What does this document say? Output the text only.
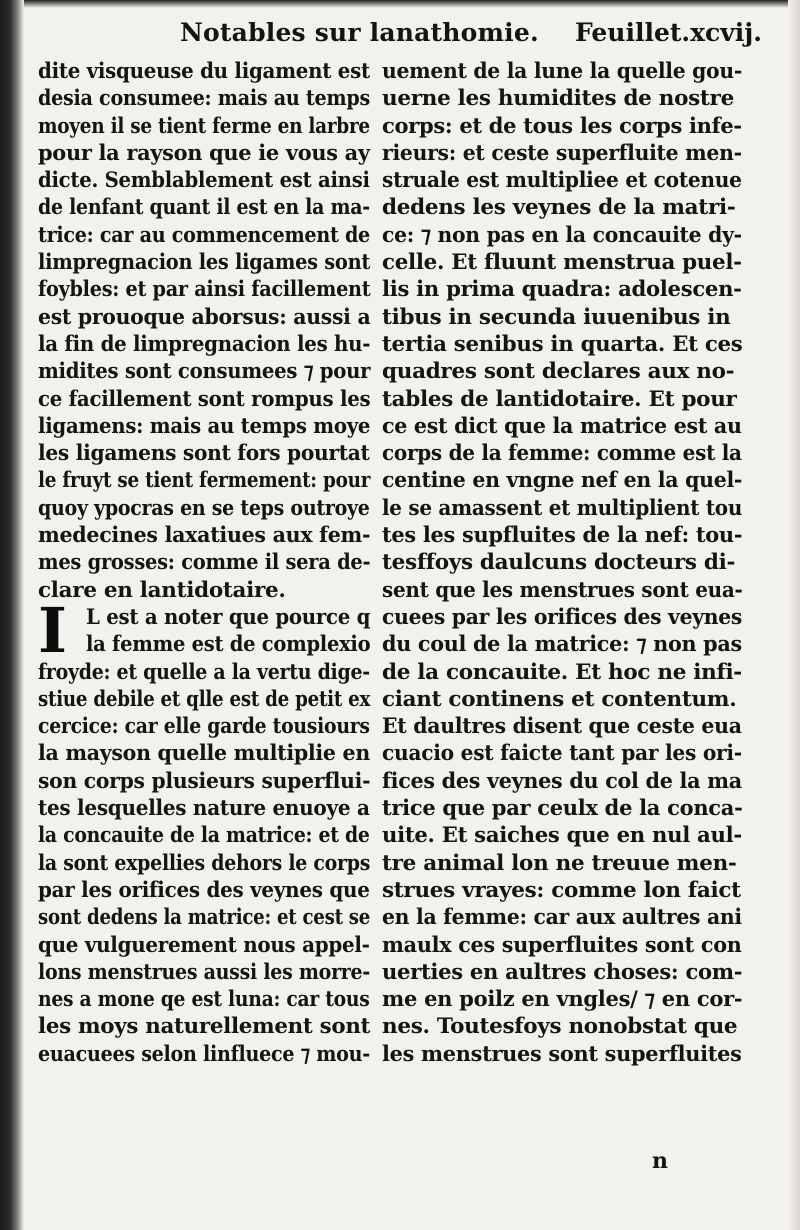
Notables sur lanathomie. Feuillet.xcvij.
dite visqueuse du ligament est
desia consumee: mais au temps
moyen il se tient ferme en larbre
pour la rayson que ie vous ay
dicte. Semblablement est ainsi
de lenfant quant il est en la ma-
trice: car au commencement de
limpregnacion les ligames sont
foybles: et par ainsi facillement
est prouoque aborsus: aussi a
la fin de limpregnacion les hu-
midites sont consumees ⁊ pour
ce facillement sont rompus les
ligamens: mais au temps moye
les ligamens sont fors pourtat
le fruyt se tient fermement: pour
quoy ypocras en se teps outroye
medecines laxatiues aux fem-
mes grosses: comme il sera de-
clare en lantidotaire.
I L est a noter que pource q
la femme est de complexio
froyde: et quelle a la vertu dige-
stiue debile et qlle est de petit ex
cercice: car elle garde tousiours
la mayson quelle multiplie en
son corps plusieurs superflui-
tes lesquelles nature enuoye a
la concauite de la matrice: et de
la sont expellies dehors le corps
par les orifices des veynes que
sont dedens la matrice: et cest se
que vulguerement nous appel-
lons menstrues aussi les morre-
nes a mone qe est luna: car tous
les moys naturellement sont
euacuees selon linfluece ⁊ mou-
uement de la lune la quelle gou-
uerne les humidites de nostre
corps: et de tous les corps infe-
rieurs: et ceste superfluite men-
struale est multipliee et cotenue
dedens les veynes de la matri-
ce: ⁊ non pas en la concauite dy-
celle. Et fluunt menstrua puel-
lis in prima quadra: adolescen-
tibus in secunda iuuenibus in
tertia senibus in quarta. Et ces
quadres sont declares aux no-
tables de lantidotaire. Et pour
ce est dict que la matrice est au
corps de la femme: comme est la
centine en vngne nef en la quel-
le se amassent et multiplient tou
tes les supfluites de la nef: tou-
tesffoys daulcuns docteurs di-
sent que les menstrues sont eua-
cuees par les orifices des veynes
du coul de la matrice: ⁊ non pas
de la concauite. Et hoc ne infi-
ciant continens et contentum.
Et daultres disent que ceste eua
cuacio est faicte tant par les ori-
fices des veynes du col de la ma
trice que par ceulx de la conca-
uite. Et saiches que en nul aul-
tre animal lon ne treuue men-
strues vrayes: comme lon faict
en la femme: car aux aultres ani
maulx ces superfluites sont con
uerties en aultres choses: com-
me en poilz en vngles/ ⁊ en cor-
nes. Toutesfoys nonobstat que
les menstrues sont superfluites
n
